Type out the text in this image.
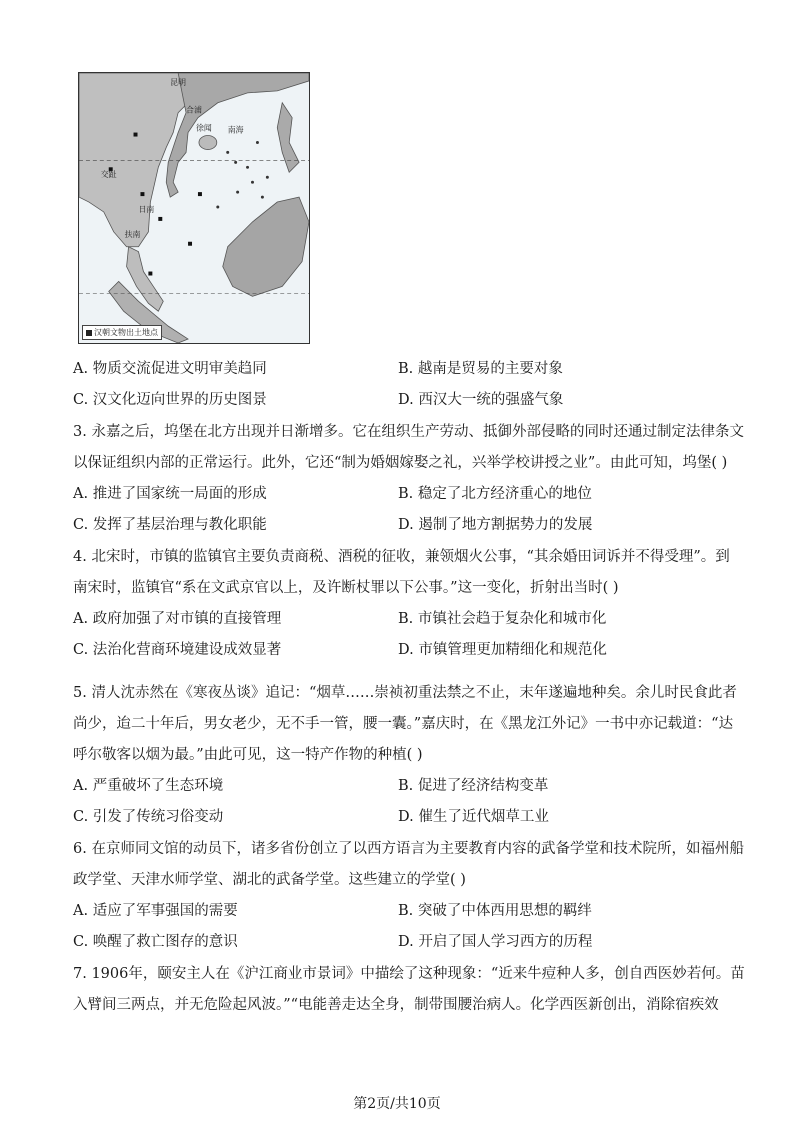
昆明
交趾
日南
南海
扶南
合浦
徐闻
汉朝文物出土地点
A. 物质交流促进文明审美趋同	B. 越南是贸易的主要对象
C. 汉文化迈向世界的历史图景	D. 西汉大一统的强盛气象
3. 永嘉之后，坞堡在北方出现并日渐增多。它在组织生产劳动、抵御外部侵略的同时还通过制定法律条文
以保证组织内部的正常运行。此外，它还“制为婚姻嫁娶之礼，兴举学校讲授之业”。由此可知，坞堡( )
A. 推进了国家统一局面的形成	B. 稳定了北方经济重心的地位
C. 发挥了基层治理与教化职能	D. 遏制了地方割据势力的发展
4. 北宋时，市镇的监镇官主要负责商税、酒税的征收，兼领烟火公事，“其余婚田词诉并不得受理”。到
南宋时，监镇官“系在文武京官以上，及许断杖罪以下公事。”这一变化，折射出当时( )
A. 政府加强了对市镇的直接管理	B. 市镇社会趋于复杂化和城市化
C. 法治化营商环境建设成效显著	D. 市镇管理更加精细化和规范化
5. 清人沈赤然在《寒夜丛谈》追记：“烟草……崇祯初重法禁之不止，末年遂遍地种矣。余儿时民食此者
尚少，迨二十年后，男女老少，无不手一管，腰一囊。”嘉庆时，在《黑龙江外记》一书中亦记载道：“达
呼尔敬客以烟为最。”由此可见，这一特产作物的种植( )
A. 严重破坏了生态环境	B. 促进了经济结构变革
C. 引发了传统习俗变动	D. 催生了近代烟草工业
6. 在京师同文馆的动员下，诸多省份创立了以西方语言为主要教育内容的武备学堂和技术院所，如福州船
政学堂、天津水师学堂、湖北的武备学堂。这些建立的学堂( )
A. 适应了军事强国的需要	B. 突破了中体西用思想的羁绊
C. 唤醒了救亡图存的意识	D. 开启了国人学习西方的历程
7. 1906年，颐安主人在《沪江商业市景词》中描绘了这种现象：“近来牛痘种人多，创自西医妙若何。苗
入臂间三两点，并无危险起风波。”“电能善走达全身，制带围腰治病人。化学西医新创出，消除宿疾效
第2页/共10页
